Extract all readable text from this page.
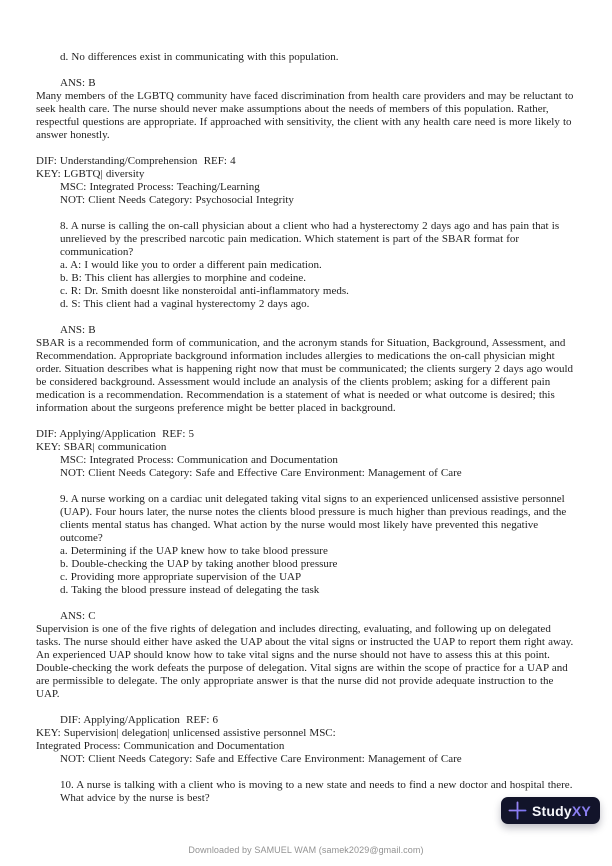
d. No differences exist in communicating with this population.
ANS: B

Many members of the LGBTQ community have faced discrimination from health care providers and may be reluctant to seek health care. The nurse should never make assumptions about the needs of members of this population. Rather, respectful questions are appropriate. If approached with sensitivity, the client with any health care need is more likely to answer honestly.

DIF: Understanding/Comprehension  REF: 4
KEY: LGBTQ| diversity
MSC: Integrated Process: Teaching/Learning
NOT: Client Needs Category: Psychosocial Integrity

8. A nurse is calling the on-call physician about a client who had a hysterectomy 2 days ago and has pain that is unrelieved by the prescribed narcotic pain medication. Which statement is part of the SBAR format for communication?

a. A: I would like you to order a different pain medication.
b. B: This client has allergies to morphine and codeine.
c. R: Dr. Smith doesnt like nonsteroidal anti-inflammatory meds.
d. S: This client had a vaginal hysterectomy 2 days ago.
ANS: B

SBAR is a recommended form of communication, and the acronym stands for Situation, Background, Assessment, and Recommendation. Appropriate background information includes allergies to medications the on-call physician might order. Situation describes what is happening right now that must be communicated; the clients surgery 2 days ago would be considered background. Assessment would include an analysis of the clients problem; asking for a different pain medication is a recommendation. Recommendation is a statement of what is needed or what outcome is desired; this information about the surgeons preference might be better placed in background.

DIF: Applying/Application  REF: 5
KEY: SBAR| communication
MSC: Integrated Process: Communication and Documentation
NOT: Client Needs Category: Safe and Effective Care Environment: Management of Care

9. A nurse working on a cardiac unit delegated taking vital signs to an experienced unlicensed assistive personnel (UAP). Four hours later, the nurse notes the clients blood pressure is much higher than previous readings, and the clients mental status has changed. What action by the nurse would most likely have prevented this negative outcome?

a. Determining if the UAP knew how to take blood pressure
b. Double-checking the UAP by taking another blood pressure
c. Providing more appropriate supervision of the UAP
d. Taking the blood pressure instead of delegating the task
ANS: C

Supervision is one of the five rights of delegation and includes directing, evaluating, and following up on delegated tasks. The nurse should either have asked the UAP about the vital signs or instructed the UAP to report them right away. An experienced UAP should know how to take vital signs and the nurse should not have to assess this at this point. Double-checking the work defeats the purpose of delegation. Vital signs are within the scope of practice for a UAP and are permissible to delegate. The only appropriate answer is that the nurse did not provide adequate instruction to the UAP.

DIF: Applying/Application  REF: 6
KEY: Supervision| delegation| unlicensed assistive personnel MSC:
Integrated Process: Communication and Documentation
NOT: Client Needs Category: Safe and Effective Care Environment: Management of Care

10. A nurse is talking with a client who is moving to a new state and needs to find a new doctor and hospital there. What advice by the nurse is best?

StudyXY
Downloaded by SAMUEL WAM (samek2029@gmail.com)
